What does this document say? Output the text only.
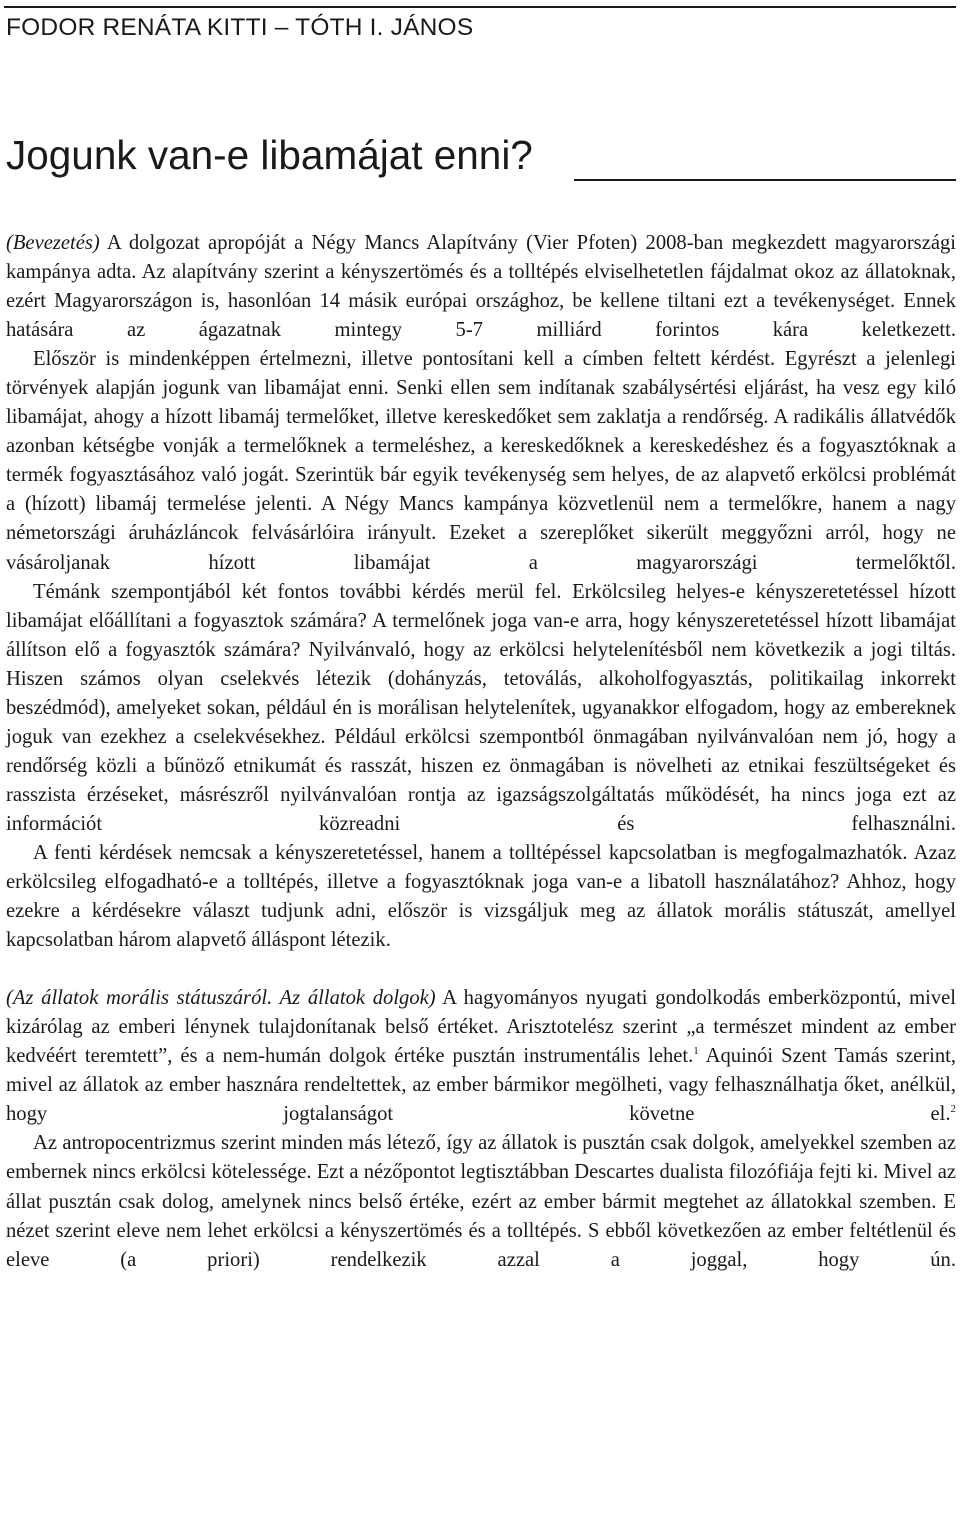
FODOR RENÁTA KITTI – TÓTH I. JÁNOS
Jogunk van-e libamájat enni?

(Bevezetés) A dolgozat apropóját a Négy Mancs Alapítvány (Vier Pfoten) 2008-ban megkezdett magyarországi kampánya adta. Az alapítvány szerint a kényszertömés és a tolltépés elviselhetetlen fájdalmat okoz az állatoknak, ezért Magyarországon is, hasonlóan 14 másik európai országhoz, be kellene tiltani ezt a tevékenységet. Ennek hatására az ágazatnak mintegy 5-7 milliárd forintos kára keletkezett.

Először is mindenképpen értelmezni, illetve pontosítani kell a címben feltett kérdést. Egyrészt a jelenlegi törvények alapján jogunk van libamájat enni. Senki ellen sem indítanak szabálysértési eljárást, ha vesz egy kiló libamájat, ahogy a hízott libamáj termelőket, illetve kereskedőket sem zaklatja a rendőrség. A radikális állatvédők azonban kétségbe vonják a termelőknek a termeléshez, a kereskedőknek a kereskedéshez és a fogyasztóknak a termék fogyasztásához való jogát. Szerintük bár egyik tevékenység sem helyes, de az alapvető erkölcsi problémát a (hízott) libamáj termelése jelenti. A Négy Mancs kampánya közvetlenül nem a termelőkre, hanem a nagy németországi áruházláncok felvásárlóira irányult. Ezeket a szereplőket sikerült meggyőzni arról, hogy ne vásároljanak hízott libamájat a magyarországi termelőktől.

Témánk szempontjából két fontos további kérdés merül fel. Erkölcsileg helyes-e kényszeretetéssel hízott libamájat előállítani a fogyasztok számára? A termelőnek joga van-e arra, hogy kényszeretetéssel hízott libamájat állítson elő a fogyasztók számára? Nyilvánvaló, hogy az erkölcsi helytelenítésből nem következik a jogi tiltás. Hiszen számos olyan cselekvés létezik (dohányzás, tetoválás, alkoholfogyasztás, politikailag inkorrekt beszédmód), amelyeket sokan, például én is morálisan helytelenítek, ugyanakkor elfogadom, hogy az embereknek joguk van ezekhez a cselekvésekhez. Például erkölcsi szempontból önmagában nyilvánvalóan nem jó, hogy a rendőrség közli a bűnöző etnikumát és rasszát, hiszen ez önmagában is növelheti az etnikai feszültségeket és rasszista érzéseket, másrészről nyilvánvalóan rontja az igazságszolgáltatás működését, ha nincs joga ezt az információt közreadni és felhasználni.

A fenti kérdések nemcsak a kényszeretetéssel, hanem a tolltépéssel kapcsolatban is megfogalmazhatók. Azaz erkölcsileg elfogadható-e a tolltépés, illetve a fogyasztóknak joga van-e a libatoll használatához? Ahhoz, hogy ezekre a kérdésekre választ tudjunk adni, először is vizsgáljuk meg az állatok morális státuszát, amellyel kapcsolatban három alapvető álláspont létezik.

(Az állatok morális státuszáról. Az állatok dolgok) A hagyományos nyugati gondolkodás emberközpontú, mivel kizárólag az emberi lénynek tulajdonítanak belső értéket. Arisztotelész szerint „a természet mindent az ember kedvéért teremtett”, és a nem-humán dolgok értéke pusztán instrumentális lehet.$^1$ Aquinói Szent Tamás szerint, mivel az állatok az ember hasznára rendeltettek, az ember bármikor megölheti, vagy felhasználhatja őket, anélkül, hogy jogtalanságot követne el.$^2$

Az antropocentrizmus szerint minden más létező, így az állatok is pusztán csak dolgok, amelyekkel szemben az embernek nincs erkölcsi kötelessége. Ezt a nézőpontot legtisztábban Descartes dualista filozófiája fejti ki. Mivel az állat pusztán csak dolog, amelynek nincs belső értéke, ezért az ember bármit megtehet az állatokkal szemben. E nézet szerint eleve nem lehet erkölcsi a kényszertömés és a tolltépés. S ebből következően az ember feltétlenül és eleve (a priori) rendelkezik azzal a joggal, hogy ún.
